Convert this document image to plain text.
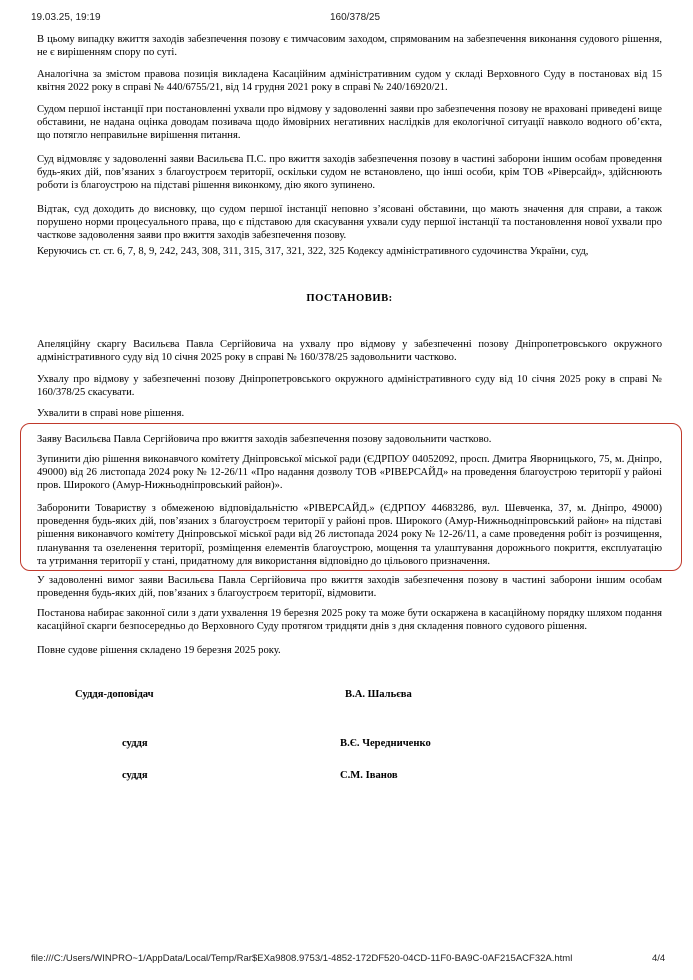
19.03.25, 19:19	160/378/25

В цьому випадку вжиття заходів забезпечення позову є тимчасовим заходом, спрямованим на забезпечення виконання судового рішення, не є вирішенням спору по суті.

Аналогічна за змістом правова позиція викладена Касаційним адміністративним судом у складі Верховного Суду в постановах від 15 квітня 2022 року в справі № 440/6755/21, від 14 грудня 2021 року в справі № 240/16920/21.

Судом першої інстанції при постановленні ухвали про відмову у задоволенні заяви про забезпечення позову не враховані приведені вище обставини, не надана оцінка доводам позивача щодо ймовірних негативних наслідків для екологічної ситуації навколо водного об’єкта, що потягло неправильне вирішення питання.

Суд відмовляє у задоволенні заяви Васильєва П.С. про вжиття заходів забезпечення позову в частині заборони іншим особам проведення будь-яких дій, пов’язаних з благоустроєм території, оскільки судом не встановлено, що інші особи, крім ТОВ «Ріверсайд», здійснюють роботи із благоустрою на підставі рішення виконкому, дію якого зупинено.

Відтак, суд доходить до висновку, що судом першої інстанції неповно з’ясовані обставини, що мають значення для справи, а також порушено норми процесуального права, що є підставою для скасування ухвали суду першої інстанції та постановлення нової ухвали про часткове задоволення заяви про вжиття заходів забезпечення позову.

Керуючись ст. ст. 6, 7, 8, 9, 242, 243, 308, 311, 315, 317, 321, 322, 325 Кодексу адміністративного судочинства України, суд,

ПОСТАНОВИВ:

Апеляційну скаргу Васильєва Павла Сергійовича на ухвалу про відмову у забезпеченні позову Дніпропетровського окружного адміністративного суду від 10 січня 2025 року в справі № 160/378/25 задовольнити частково.

Ухвалу про відмову у забезпеченні позову Дніпропетровського окружного адміністративного суду від 10 січня 2025 року в справі № 160/378/25 скасувати.

Ухвалити в справі нове рішення.

Заяву Васильєва Павла Сергійовича про вжиття заходів забезпечення позову задовольнити частково.

Зупинити дію рішення виконавчого комітету Дніпровської міської ради (ЄДРПОУ 04052092, просп. Дмитра Яворницького, 75, м. Дніпро, 49000) від 26 листопада 2024 року № 12-26/11 «Про надання дозволу ТОВ «РІВЕРСАЙД» на проведення благоустрою території у районі пров. Широкого (Амур-Нижньодніпровський район)».

Заборонити Товариству з обмеженою відповідальністю «РІВЕРСАЙД.» (ЄДРПОУ 44683286, вул. Шевченка, 37, м. Дніпро, 49000) проведення будь-яких дій, пов’язаних з благоустроєм території у районі пров. Широкого (Амур-Нижньодніпровський район» на підставі рішення виконавчого комітету Дніпровської міської ради від 26 листопада 2024 року № 12-26/11, а саме проведення робіт із розчищення, планування та озеленення території, розміщення елементів благоустрою, мощення та улаштування дорожнього покриття, експлуатацію та утримання території у стані, придатному для використання відповідно до цільового призначення.

У задоволенні вимог заяви Васильєва Павла Сергійовича про вжиття заходів забезпечення позову в частині заборони іншим особам проведення будь-яких дій, пов’язаних з благоустроєм території, відмовити.

Постанова набирає законної сили з дати ухвалення 19 березня 2025 року та може бути оскаржена в касаційному порядку шляхом подання касаційної скарги безпосередньо до Верховного Суду протягом тридцяти днів з дня складення повного судового рішення.

Повне судове рішення складено 19 березня 2025 року.

Суддя-доповідач	В.А. Шальєва
суддя	В.Є. Чередниченко
суддя	С.М. Іванов
file:///C:/Users/WINPRO~1/AppData/Local/Temp/Rar$EXa9808.9753/1-4852-172DF520-04CD-11F0-BA9C-0AF215ACF32A.html	4/4
